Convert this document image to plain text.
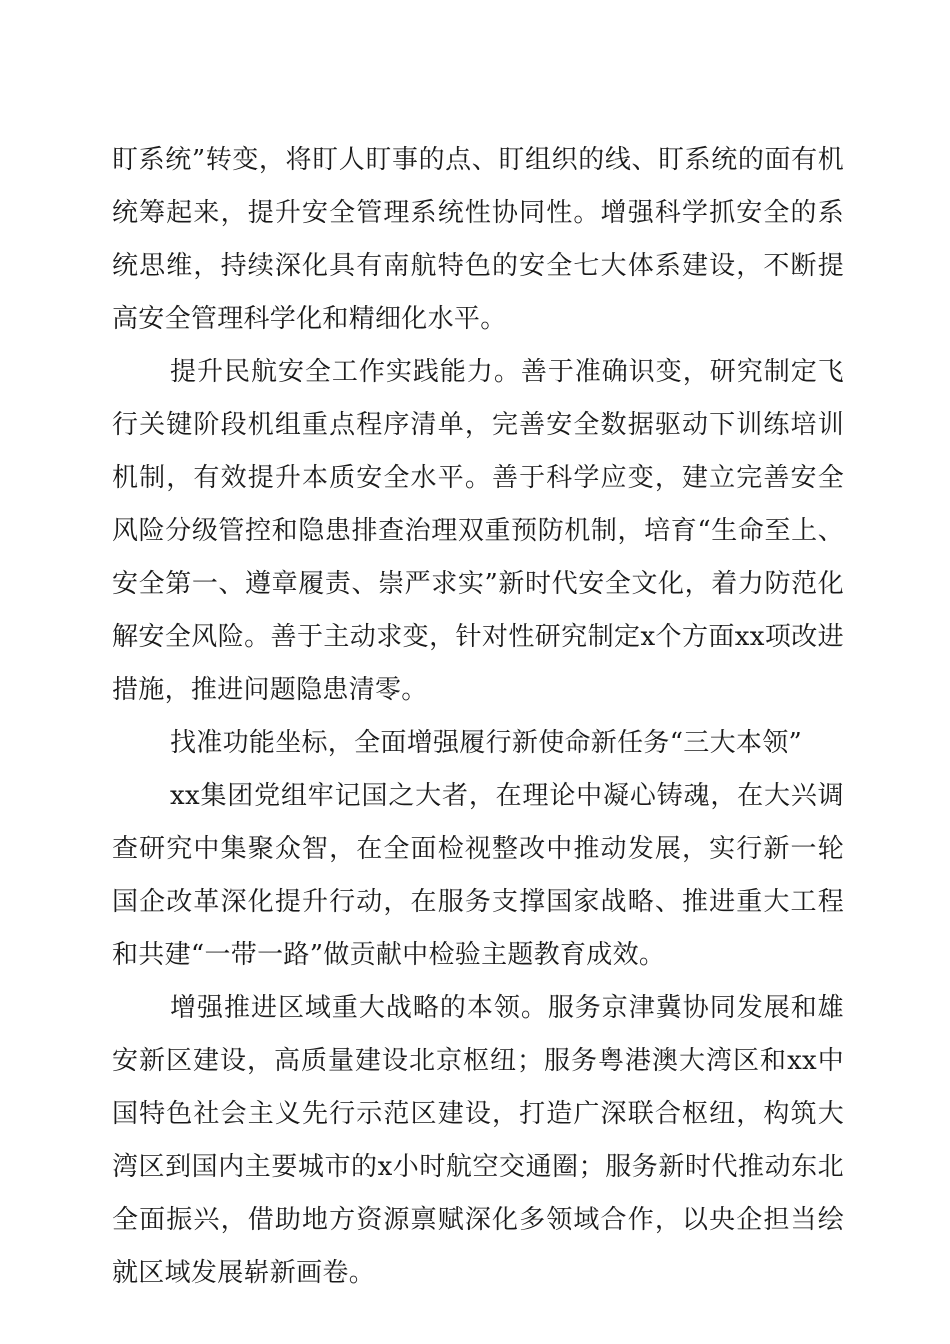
盯系统”转变，将盯人盯事的点、盯组织的线、盯系统的面有机统筹起来，提升安全管理系统性协同性。增强科学抓安全的系统思维，持续深化具有南航特色的安全七大体系建设，不断提高安全管理科学化和精细化水平。

提升民航安全工作实践能力。善于准确识变，研究制定飞行关键阶段机组重点程序清单，完善安全数据驱动下训练培训机制，有效提升本质安全水平。善于科学应变，建立完善安全风险分级管控和隐患排查治理双重预防机制，培育“生命至上、安全第一、遵章履责、崇严求实”新时代安全文化，着力防范化解安全风险。善于主动求变，针对性研究制定x个方面xx项改进措施，推进问题隐患清零。

找准功能坐标，全面增强履行新使命新任务“三大本领”

xx集团党组牢记国之大者，在理论中凝心铸魂，在大兴调查研究中集聚众智，在全面检视整改中推动发展，实行新一轮国企改革深化提升行动，在服务支撑国家战略、推进重大工程和共建“一带一路”做贡献中检验主题教育成效。

增强推进区域重大战略的本领。服务京津冀协同发展和雄安新区建设，高质量建设北京枢纽；服务粤港澳大湾区和xx中国特色社会主义先行示范区建设，打造广深联合枢纽，构筑大湾区到国内主要城市的x小时航空交通圈；服务新时代推动东北全面振兴，借助地方资源禀赋深化多领域合作，以央企担当绘就区域发展崭新画卷。
